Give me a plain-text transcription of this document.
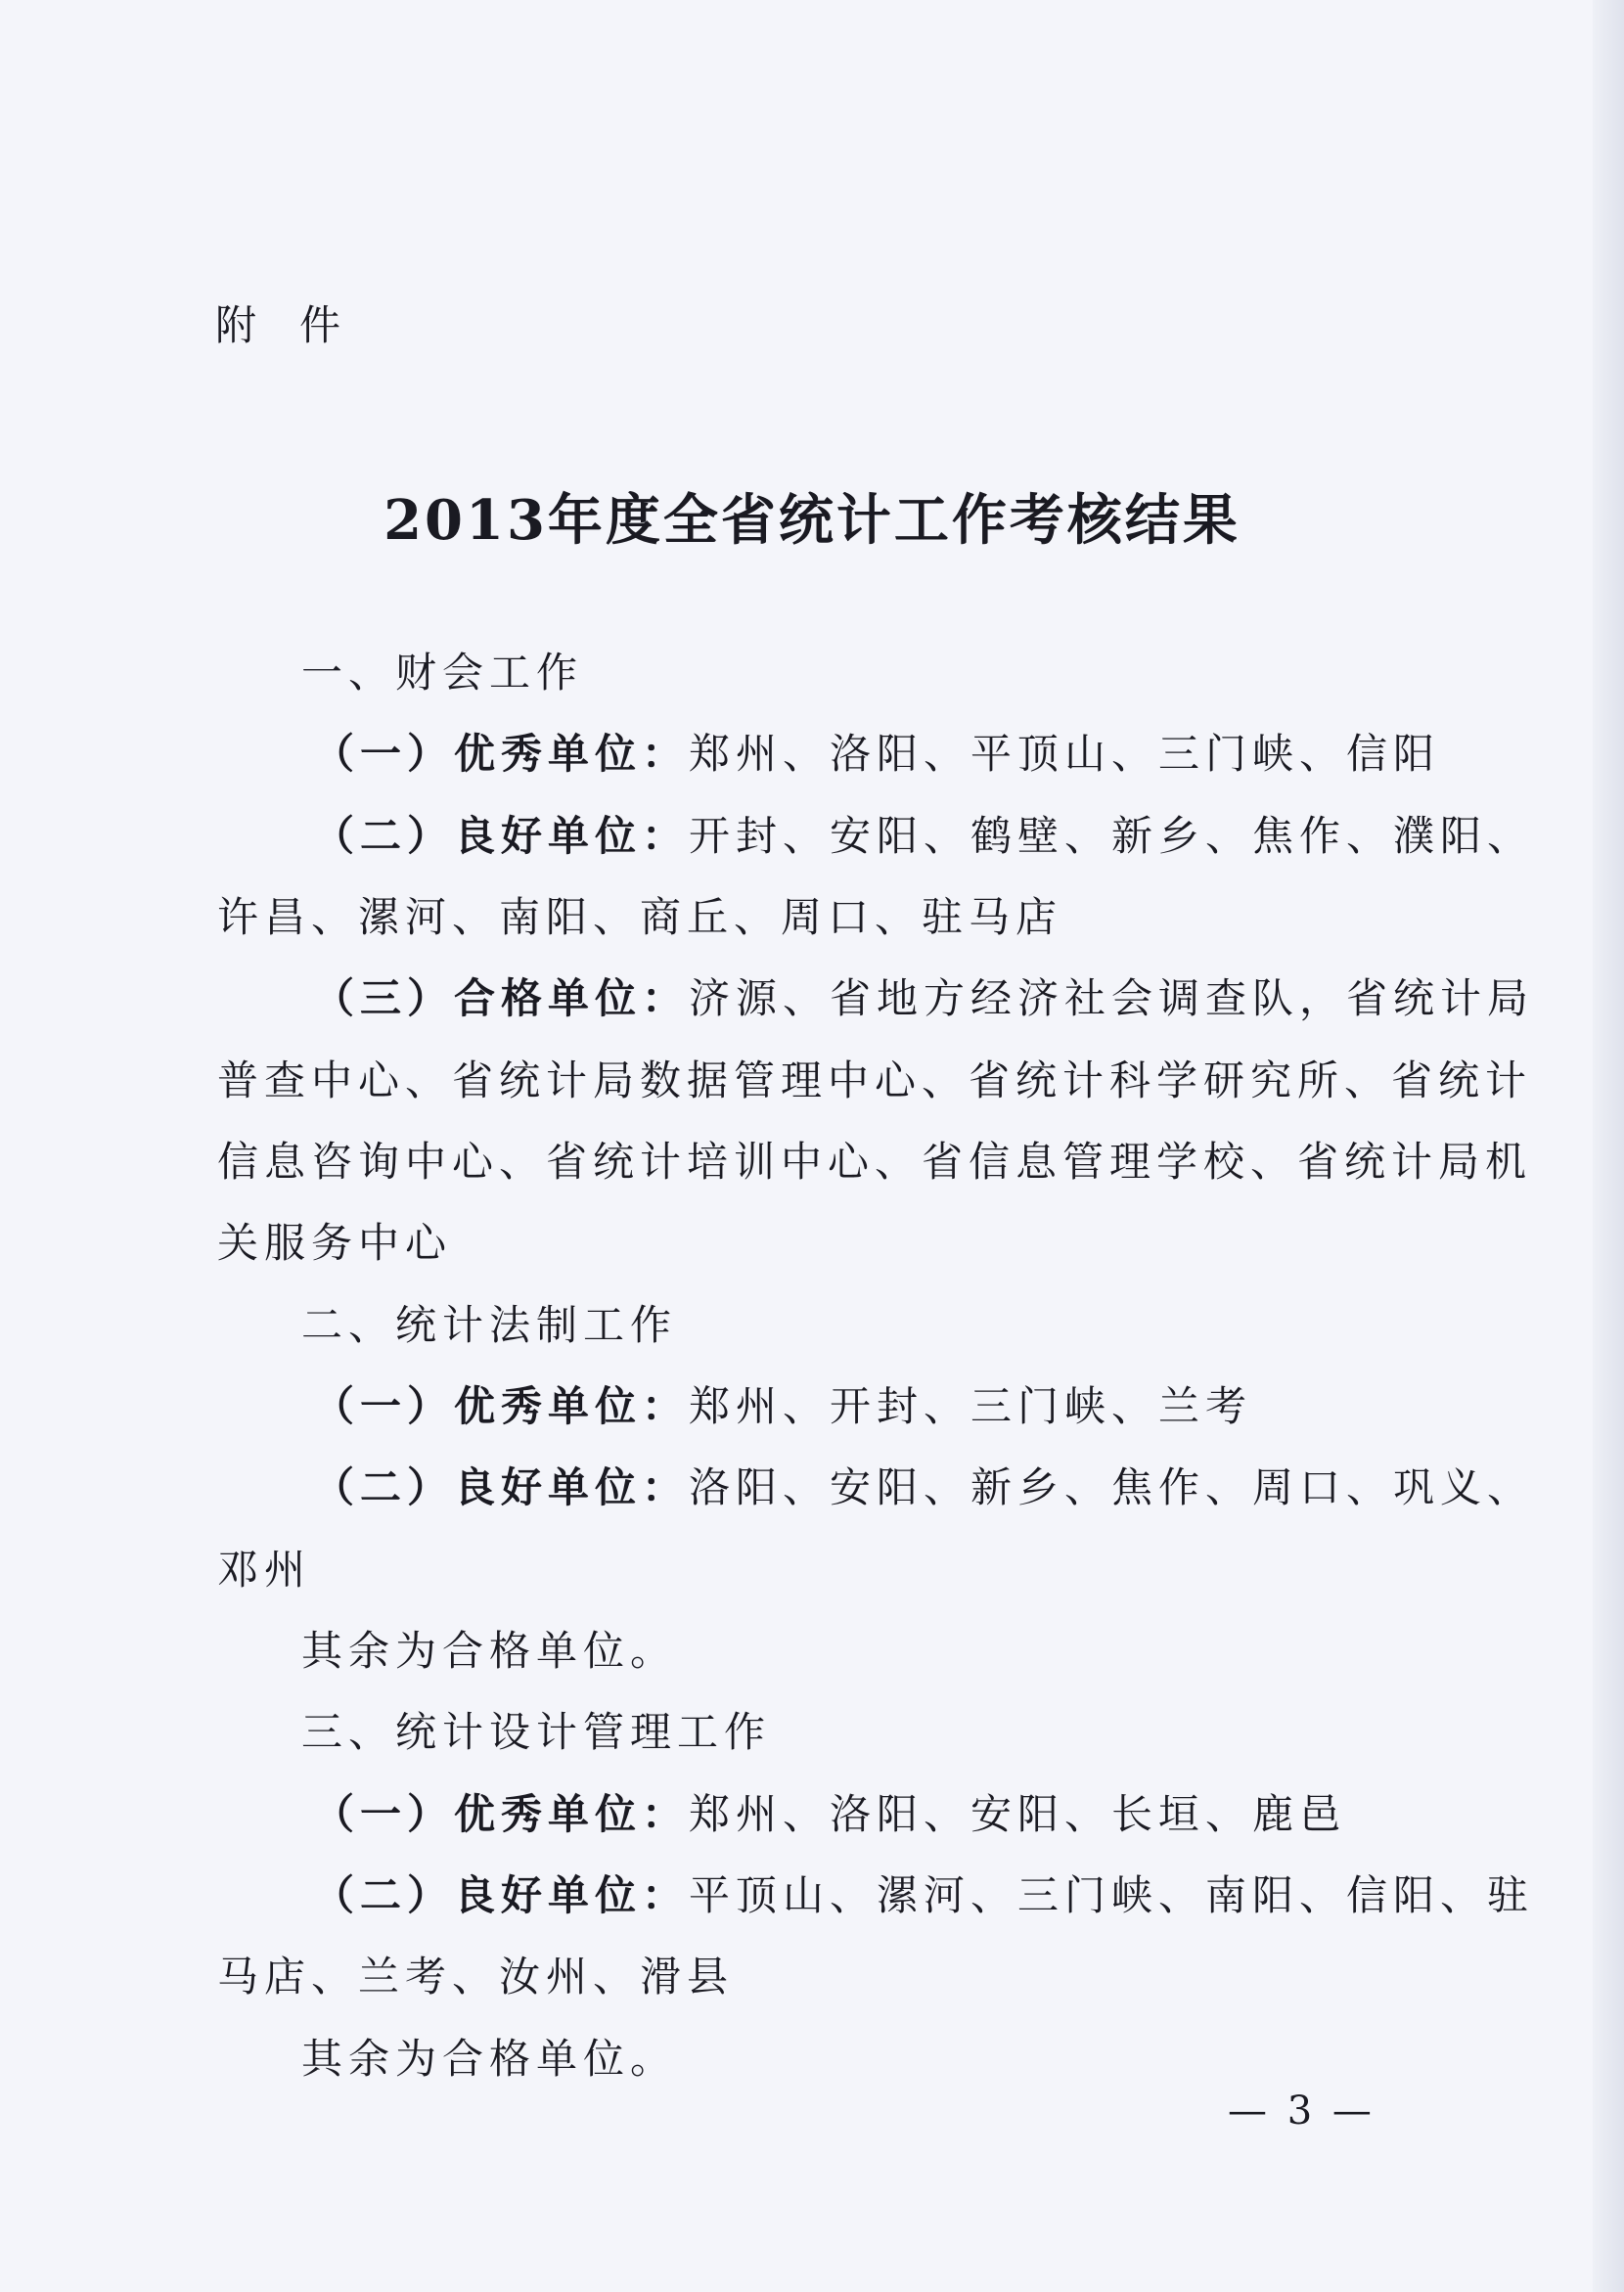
附件
2013年度全省统计工作考核结果
一、财会工作
（一）优秀单位：郑州、洛阳、平顶山、三门峡、信阳
（二）良好单位：开封、安阳、鹤壁、新乡、焦作、濮阳、
许昌、漯河、南阳、商丘、周口、驻马店
（三）合格单位：济源、省地方经济社会调查队，省统计局
普查中心、省统计局数据管理中心、省统计科学研究所、省统计
信息咨询中心、省统计培训中心、省信息管理学校、省统计局机
关服务中心
二、统计法制工作
（一）优秀单位：郑州、开封、三门峡、兰考
（二）良好单位：洛阳、安阳、新乡、焦作、周口、巩义、
邓州
其余为合格单位。
三、统计设计管理工作
（一）优秀单位：郑州、洛阳、安阳、长垣、鹿邑
（二）良好单位：平顶山、漯河、三门峡、南阳、信阳、驻
马店、兰考、汝州、滑县
其余为合格单位。
— 3 —
